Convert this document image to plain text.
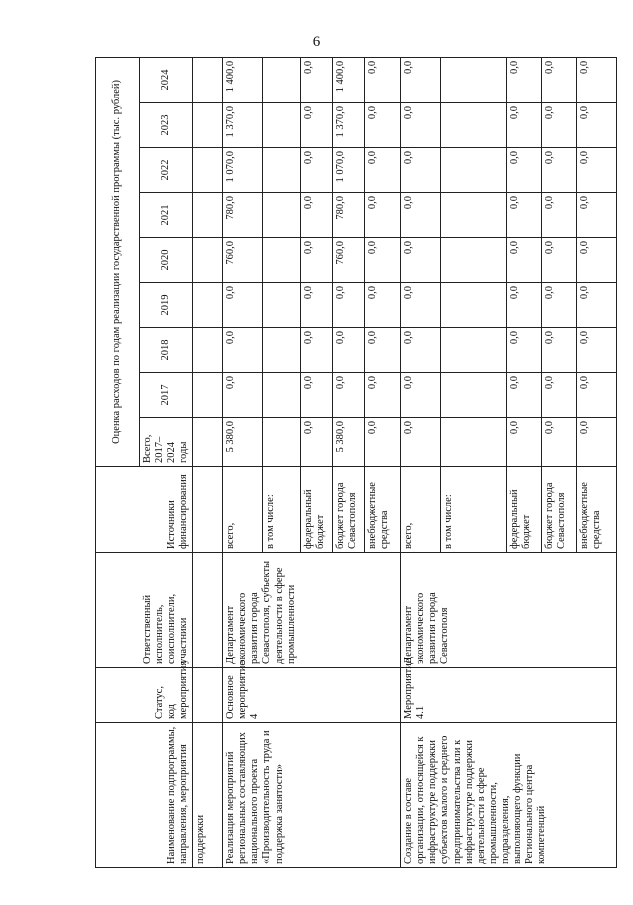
6
Наименование подпрограммы, направления, мероприятия	Статус, код мероприятия	Ответственный исполнитель, соисполнители, участники	Источники финансирования	Оценка расходов по годам реализации государственной программы (тыс. рублей)								
				Всего, 2017–2024 годы	2017	2018	2019	2020	2021	2022	2023	2024
поддержки												
Реализация мероприятий региональных составляющих национального проекта «Производительность труда и поддержка занятости»	Основное мероприятие 4	Департамент экономического развития города Севастополя, субъекты деятельности в сфере промышленности	всего,	5 380,0	0,0	0,0	0,0	760,0	780,0	1 070,0	1 370,0	1 400,0
			в том числе:									
			федеральный бюджет	0,0	0,0	0,0	0,0	0,0	0,0	0,0	0,0	0,0
			бюджет города Севастополя	5 380,0	0,0	0,0	0,0	760,0	780,0	1 070,0	1 370,0	1 400,0
			внебюджетные средства	0,0	0,0	0,0	0,0	0,0	0,0	0,0	0,0	0,0
Создание в составе организации, относящейся к инфраструктуре поддержки субъектов малого и среднего предпринимательства или к инфраструктуре поддержки деятельности в сфере промышленности, подразделения, выполняющего функции Регионального центра компетенций	Мероприятие 4.1	Департамент экономического развития города Севастополя	всего,	0,0	0,0	0,0	0,0	0,0	0,0	0,0	0,0	0,0
			в том числе:									
			федеральный бюджет	0,0	0,0	0,0	0,0	0,0	0,0	0,0	0,0	0,0
			бюджет города Севастополя	0,0	0,0	0,0	0,0	0,0	0,0	0,0	0,0	0,0
			внебюджетные средства	0,0	0,0	0,0	0,0	0,0	0,0	0,0	0,0	0,0
